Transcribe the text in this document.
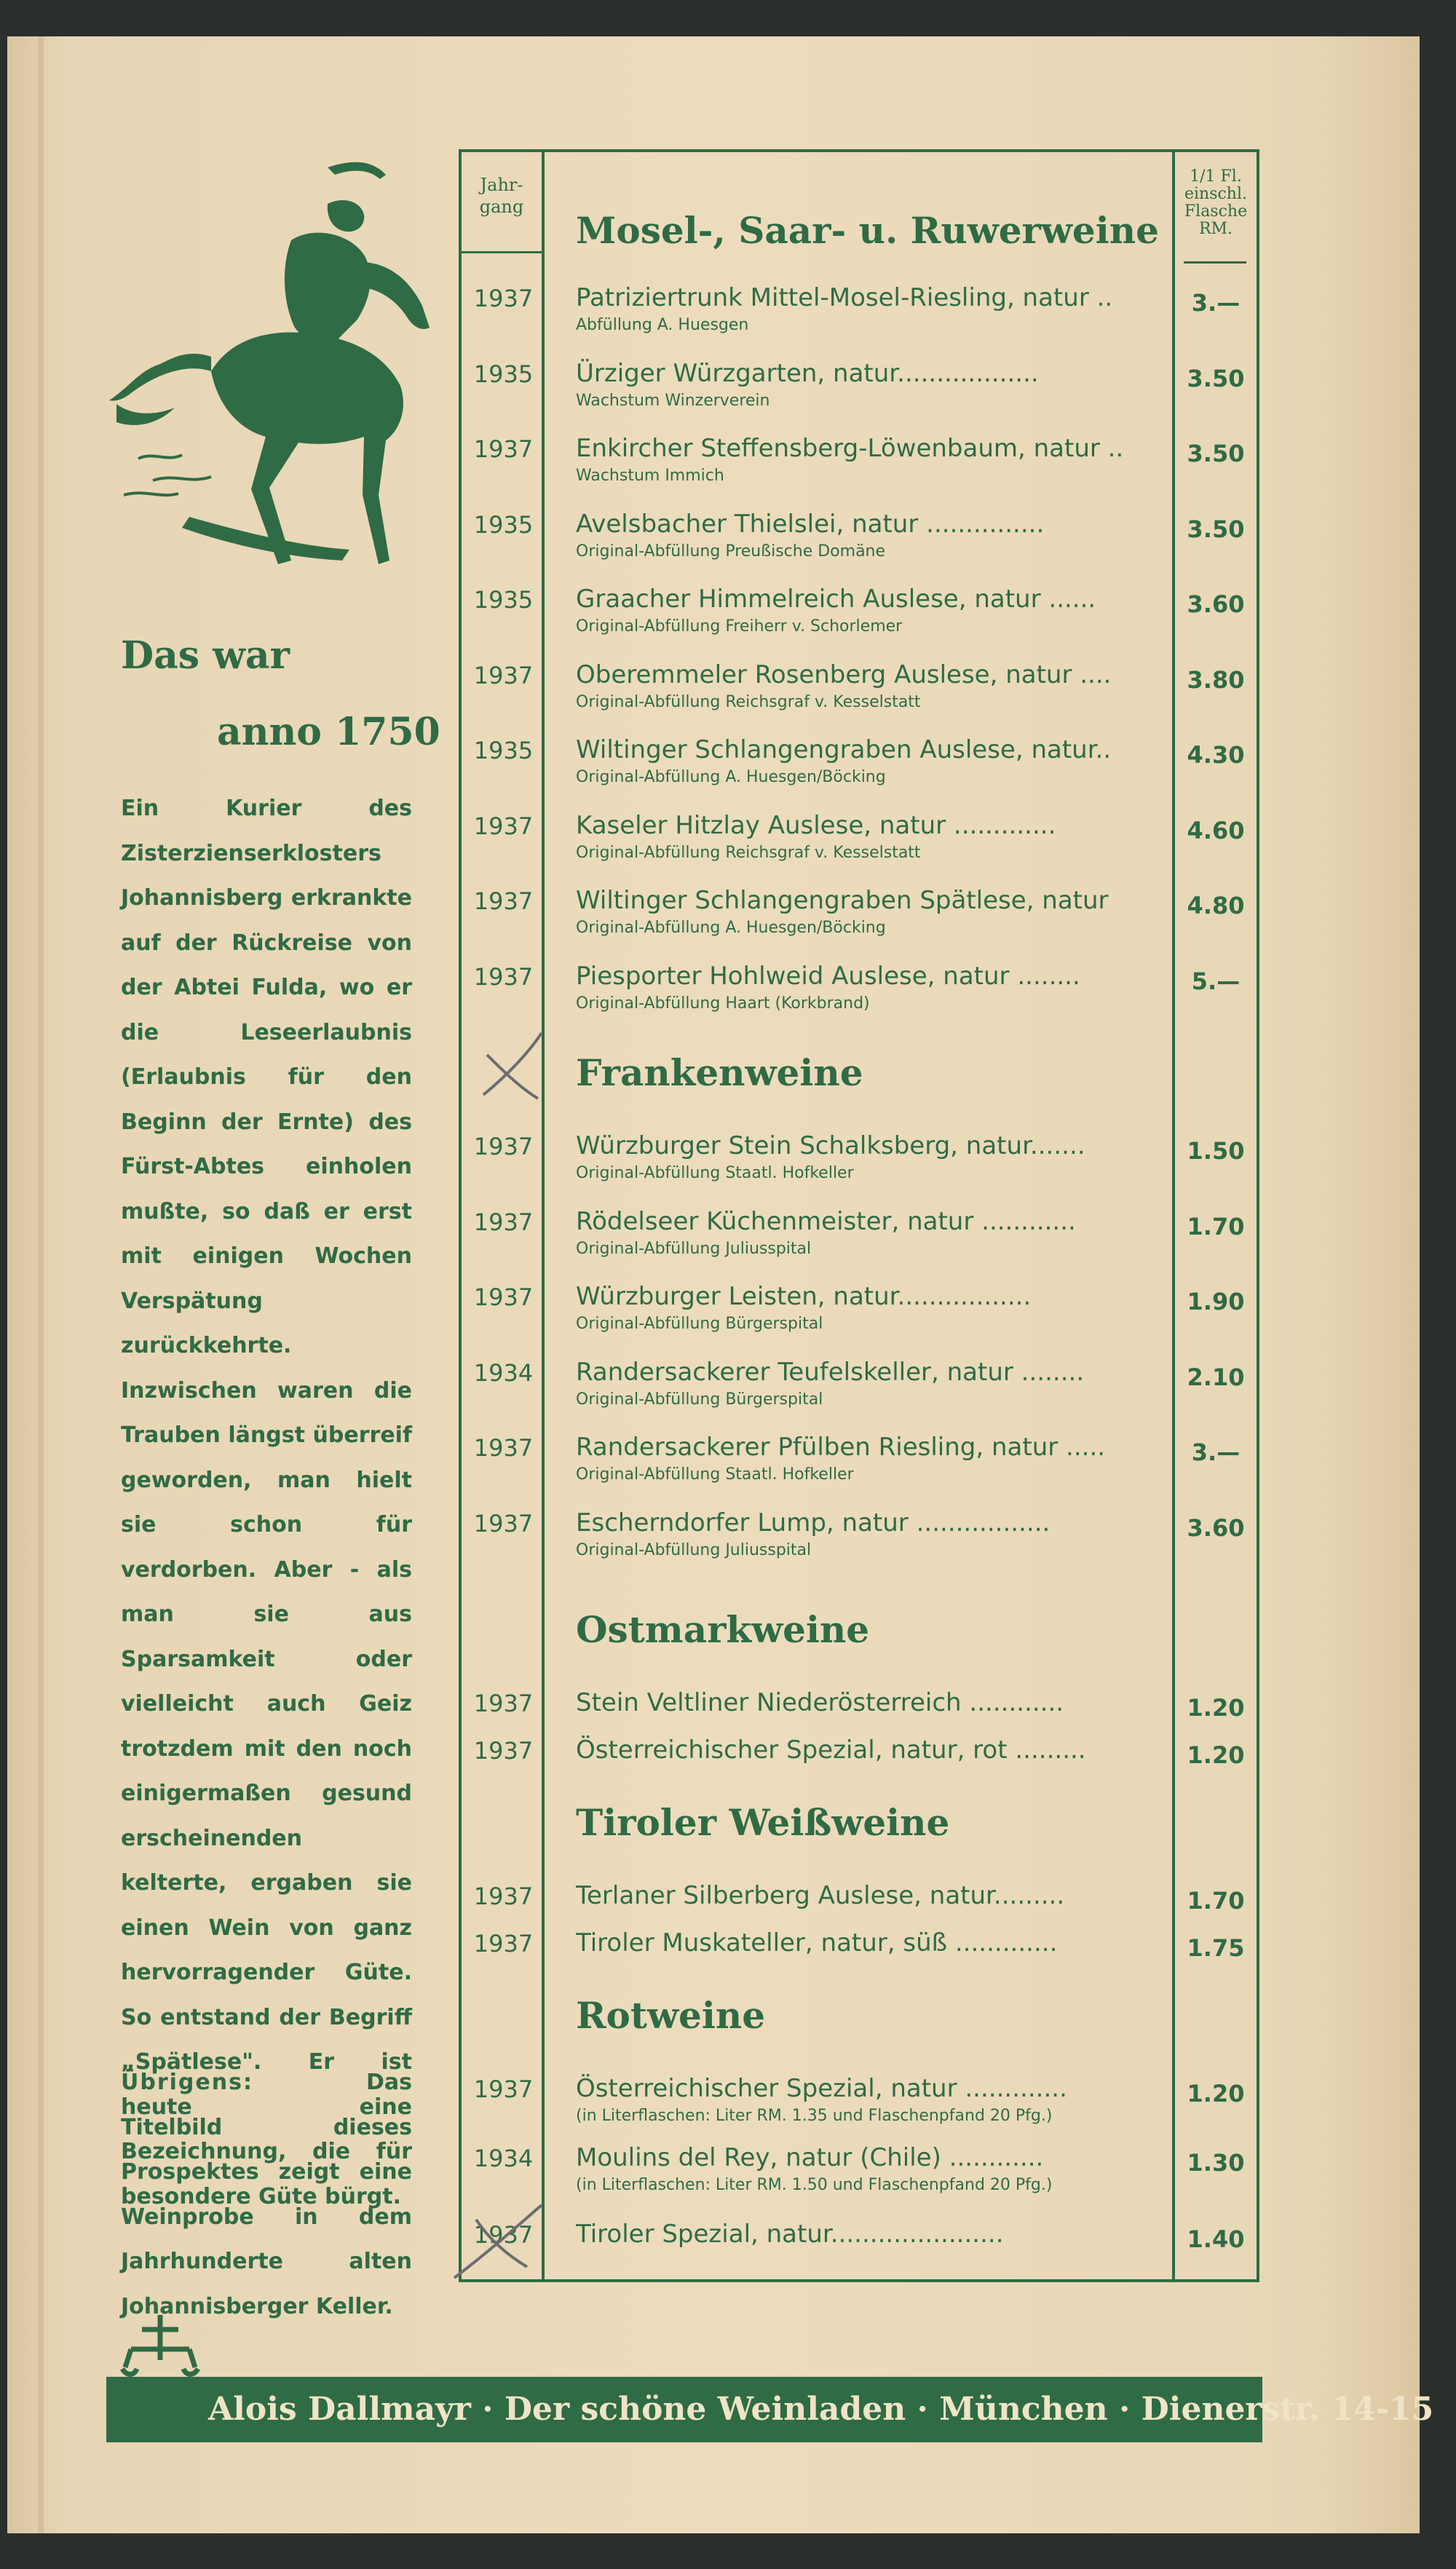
Das war
anno 1750
Ein Kurier des Zisterzienserklosters Johannisberg erkrankte auf der Rückreise von der Abtei Fulda, wo er die Leseerlaubnis (Erlaubnis für den Beginn der Ernte) des Fürst-Abtes einholen mußte, so daß er erst mit einigen Wochen Verspätung zurückkehrte. Inzwischen waren die Trauben längst überreif geworden, man hielt sie schon für verdorben. Aber - als man sie aus Sparsamkeit oder vielleicht auch Geiz trotzdem mit den noch einigermaßen gesund erscheinenden kelterte, ergaben sie einen Wein von ganz hervorragender Güte. So entstand der Begriff „Spätlese". Er ist heute eine Bezeichnung, die für besondere Güte bürgt.
Übrigens:	Das Titelbild dieses Prospektes zeigt eine Weinprobe in dem Jahrhunderte alten Johannisberger Keller.
Jahr-
gang
1/1 Fl.
einschl.
Flasche
RM.
Mosel-, Saar- u. Ruwerweine
Frankenweine
Ostmarkweine
Tiroler Weißweine
Rotweine
1937	Patriziertrunk Mittel-Mosel-Riesling, natur ..
Abfüllung A. Huesgen
3.—
1935	Ürziger Würzgarten, natur..................
Wachstum Winzerverein
3.50
1937	Enkircher Steffensberg-Löwenbaum, natur ..
Wachstum Immich
3.50
1935	Avelsbacher Thielslei, natur ...............
Original-Abfüllung Preußische Domäne
3.50
1935	Graacher Himmelreich Auslese, natur ......
Original-Abfüllung Freiherr v. Schorlemer
3.60
1937	Oberemmeler Rosenberg Auslese, natur ....
Original-Abfüllung Reichsgraf v. Kesselstatt
3.80
1935	Wiltinger Schlangengraben Auslese, natur..
Original-Abfüllung A. Huesgen/Böcking
4.30
1937	Kaseler Hitzlay Auslese, natur .............
Original-Abfüllung Reichsgraf v. Kesselstatt
4.60
1937	Wiltinger Schlangengraben Spätlese, natur
Original-Abfüllung A. Huesgen/Böcking
4.80
1937	Piesporter Hohlweid Auslese, natur ........
Original-Abfüllung Haart (Korkbrand)
5.—
1937	Würzburger Stein Schalksberg, natur.......
Original-Abfüllung Staatl. Hofkeller
1.50
1937	Rödelseer Küchenmeister, natur ............
Original-Abfüllung Juliusspital
1.70
1937	Würzburger Leisten, natur.................
Original-Abfüllung Bürgerspital
1.90
1934	Randersackerer Teufelskeller, natur ........
Original-Abfüllung Bürgerspital
2.10
1937	Randersackerer Pfülben Riesling, natur .....
Original-Abfüllung Staatl. Hofkeller
3.—
1937	Escherndorfer Lump, natur .................
Original-Abfüllung Juliusspital
3.60
1937	Stein Veltliner Niederösterreich ............	1.20
1937	Österreichischer Spezial, natur, rot .........	1.20
1937	Terlaner Silberberg Auslese, natur.........	1.70
1937	Tiroler Muskateller, natur, süß .............	1.75
1937	Österreichischer Spezial, natur .............
(in Literflaschen: Liter RM. 1.35 und Flaschenpfand 20 Pfg.)
1.20
1934	Moulins del Rey, natur (Chile) ............
(in Literflaschen: Liter RM. 1.50 und Flaschenpfand 20 Pfg.)
1.30
1937	Tiroler Spezial, natur......................	1.40
Alois Dallmayr · Der schöne Weinladen · München · Dienerstr. 14-15
